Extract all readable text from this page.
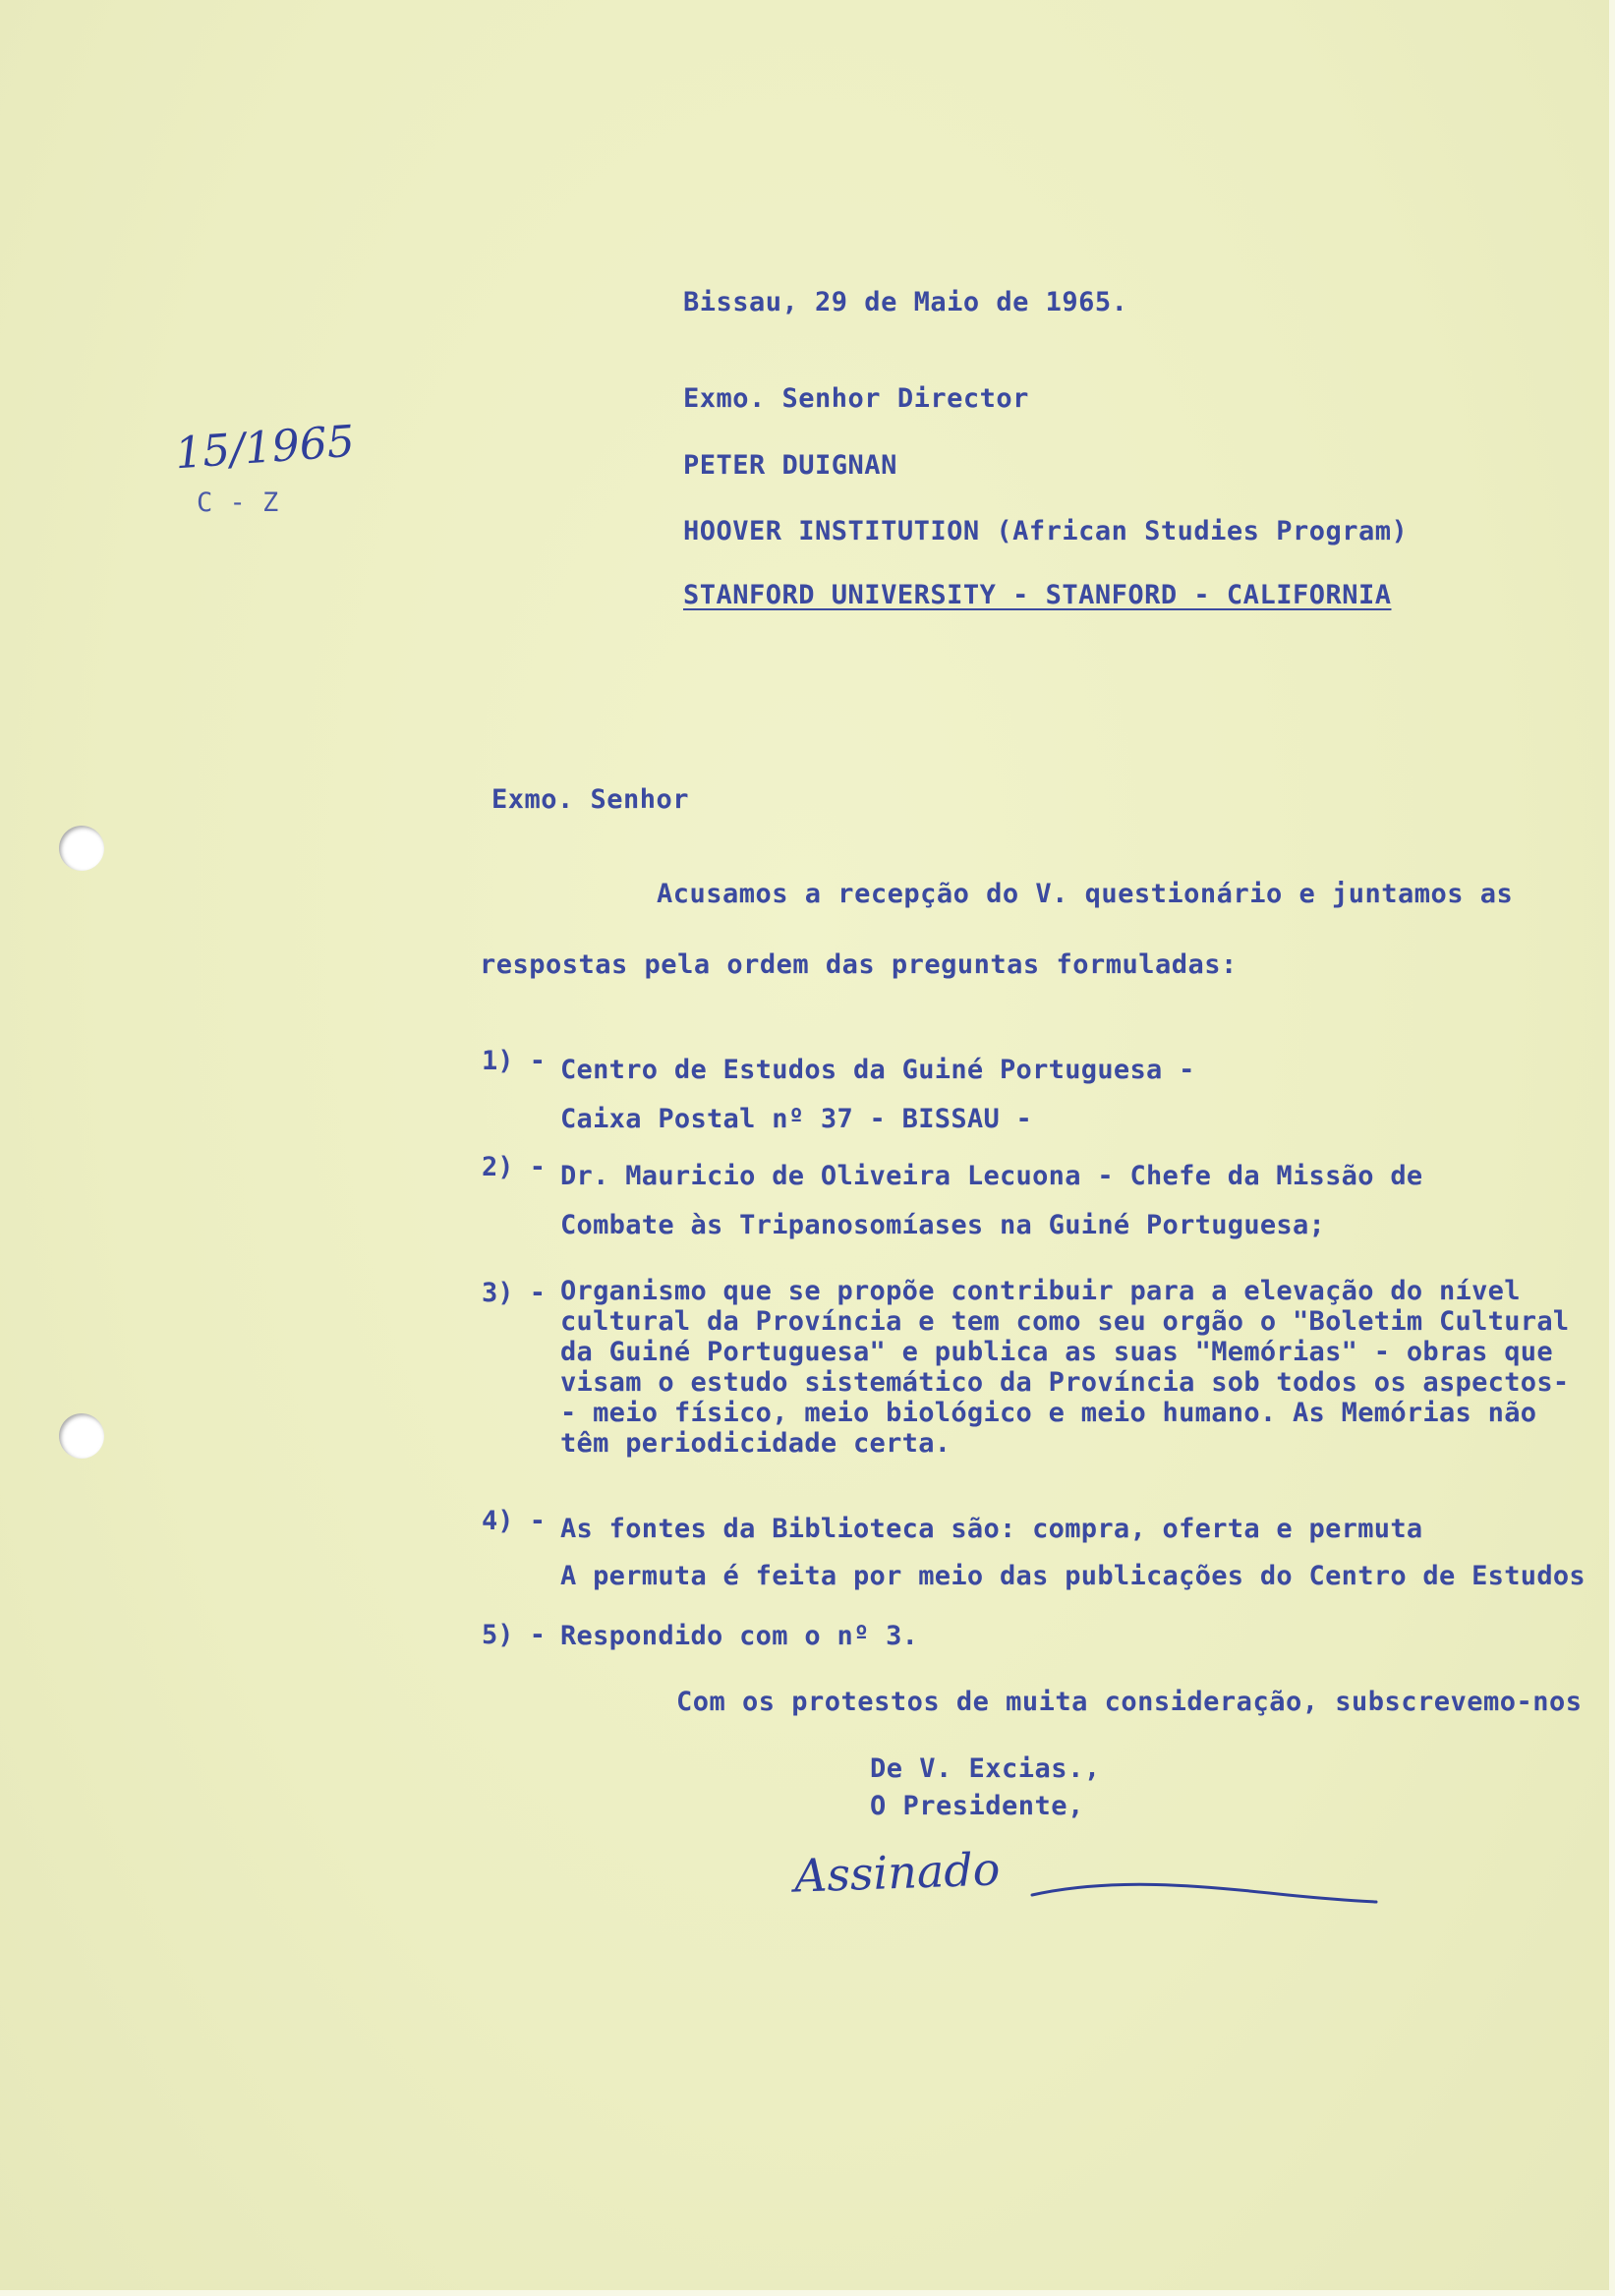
15/1965
C - Z
Bissau, 29 de Maio de 1965.
Exmo. Senhor Director
PETER DUIGNAN
HOOVER INSTITUTION (African Studies Program)
STANFORD UNIVERSITY - STANFORD - CALIFORNIA
Exmo. Senhor
Acusamos a recepção do V. questionário e juntamos as
respostas pela ordem das preguntas formuladas:
1) - Centro de Estudos da Guiné Portuguesa -
Caixa Postal nº 37 - BISSAU -
2) - Dr. Mauricio de Oliveira Lecuona - Chefe da Missão de
Combate às Tripanosomíases na Guiné Portuguesa;
3) - Organismo que se propõe contribuir para a elevação do nível
cultural da Província e tem como seu orgão o "Boletim Cultural
da Guiné Portuguesa" e publica as suas "Memórias" - obras que
visam o estudo sistemático da Província sob todos os aspectos-
- meio físico, meio biológico e meio humano. As Memórias não
têm periodicidade certa.
4) - As fontes da Biblioteca são: compra, oferta e permuta
A permuta é feita por meio das publicações do Centro de Estudos
5) - Respondido com o nº 3.
Com os protestos de muita consideração, subscrevemo-nos
De V. Excias.,
O Presidente,
Assinado
